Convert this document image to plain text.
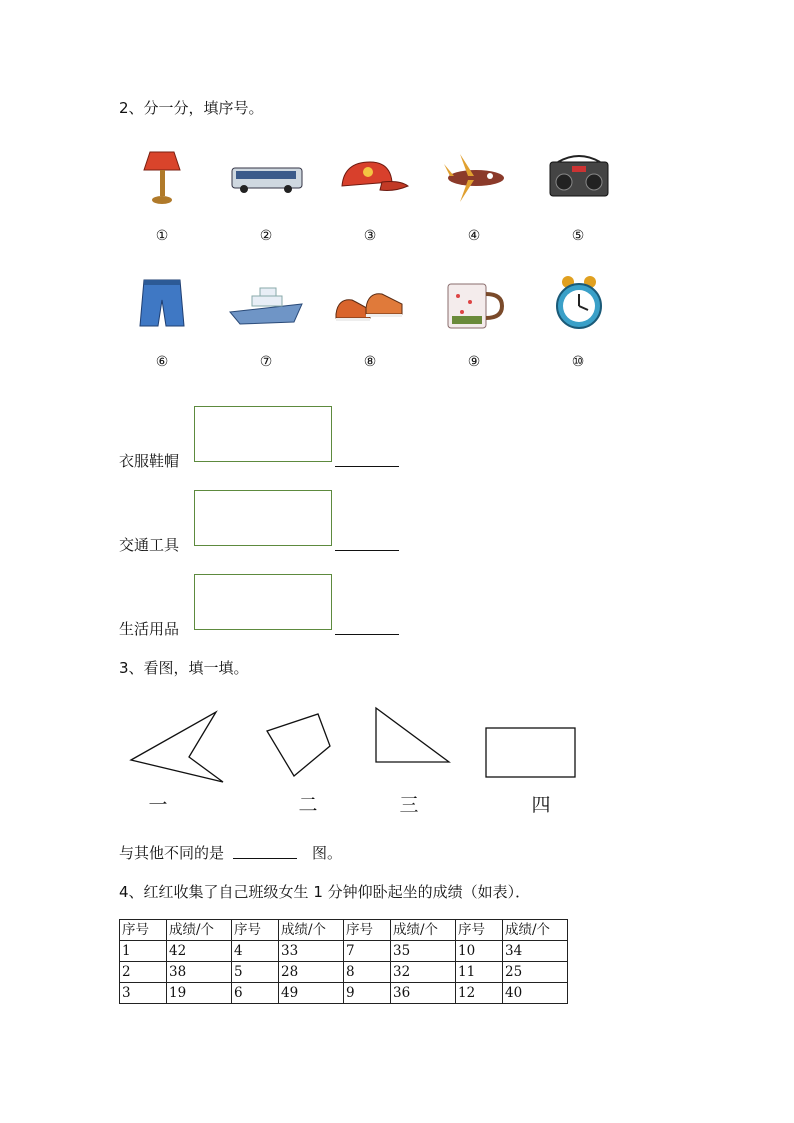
2、分一分，填序号。
①	②	③	④	⑤
⑥	⑦	⑧	⑨	⑩
衣服鞋帽
交通工具
生活用品
3、看图，填一填。
一	二	三	四
与其他不同的是	图。
4、红红收集了自己班级女生 1 分钟仰卧起坐的成绩（如表）．
序号	成绩/个	序号	成绩/个	序号	成绩/个	序号	成绩/个
1	42	4	33	7	35	10	34
2	38	5	28	8	32	11	25
3	19	6	49	9	36	12	40
